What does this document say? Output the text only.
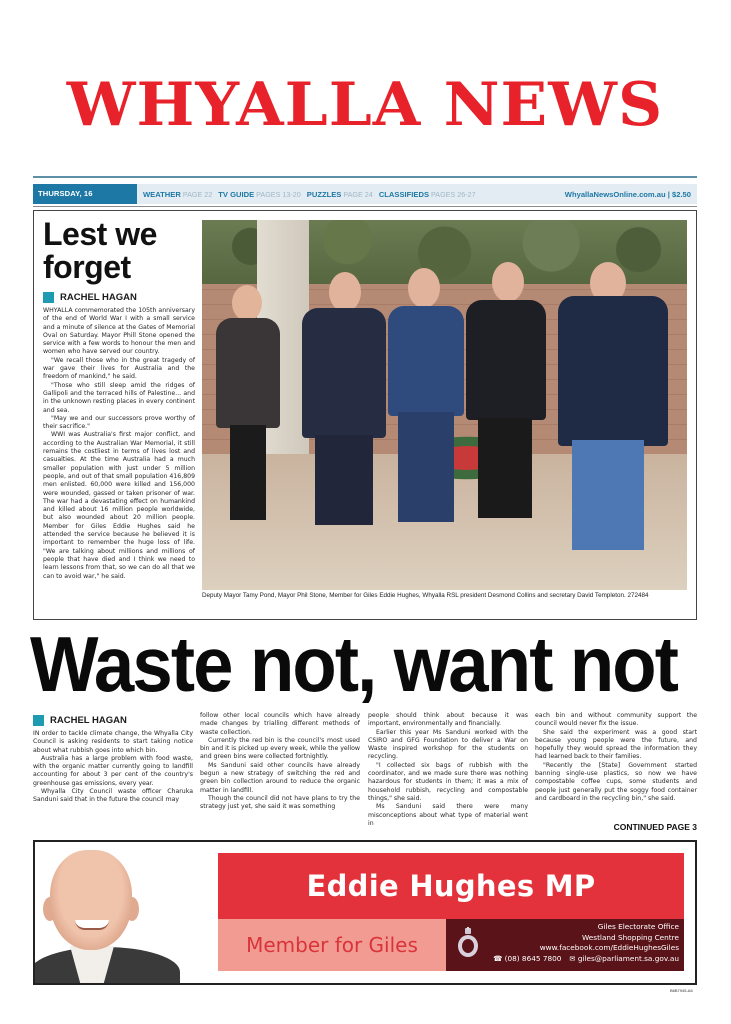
WHYALLA NEWS
THURSDAY, 16 NOVEMBER, 2023
WEATHER PAGE 22 TV GUIDE PAGES 13-20 PUZZLES PAGE 24 CLASSIFIEDS PAGES 26-27	WhyallaNewsOnline.com.au | $2.50
Lest we
forget
RACHEL HAGAN

WHYALLA commemorated the 105th anniversary of the end of World War I with a small service and a minute of silence at the Gates of Memorial Oval on Saturday. Mayor Phill Stone opened the service with a few words to honour the men and women who have served our country.

"We recall those who in the great tragedy of war gave their lives for Australia and the freedom of mankind," he said.

"Those who still sleep amid the ridges of Gallipoli and the terraced hills of Palestine... and in the unknown resting places in every continent and sea.

"May we and our successors prove worthy of their sacrifice."

WWI was Australia's first major conflict, and according to the Australian War Memorial, it still remains the costliest in terms of lives lost and casualties. At the time Australia had a much smaller population with just under 5 million people, and out of that small population 416,809 men enlisted. 60,000 were killed and 156,000 were wounded, gassed or taken prisoner of war. The war had a devastating effect on humankind and killed about 16 million people worldwide, but also wounded about 20 million people. Member for Giles Eddie Hughes said he attended the service because he believed it is important to remember the huge loss of life. "We are talking about millions and millions of people that have died and I think we need to learn lessons from that, so we can do all that we can to avoid war," he said.

Deputy Mayor Tamy Pond, Mayor Phil Stone, Member for Giles Eddie Hughes, Whyalla RSL president Desmond Collins and secretary David Templeton. 272484
Waste not, want not
RACHEL HAGAN

IN order to tackle climate change, the Whyalla City Council is asking residents to start taking notice about what rubbish goes into which bin.

Australia has a large problem with food waste, with the organic matter currently going to landfill accounting for about 3 per cent of the country's greenhouse gas emissions, every year.

Whyalla City Council waste officer Charuka Sanduni said that in the future the council may

follow other local councils which have already made changes by trialling different methods of waste collection.

Currently the red bin is the council's most used bin and it is picked up every week, while the yellow and green bins were collected fortnightly.

Ms Sanduni said other councils have already begun a new strategy of switching the red and green bin collection around to reduce the organic matter in landfill.

Though the council did not have plans to try the strategy just yet, she said it was something

people should think about because it was important, environmentally and financially.

Earlier this year Ms Sanduni worked with the CSIRO and GFG Foundation to deliver a War on Waste inspired workshop for the students on recycling.

"I collected six bags of rubbish with the coordinator, and we made sure there was nothing hazardous for students in them; it was a mix of household rubbish, recycling and compostable things," she said.

Ms Sanduni said there were many misconceptions about what type of material went in

each bin and without community support the council would never fix the issue.

She said the experiment was a good start because young people were the future, and hopefully they would spread the information they had learned back to their families.

"Recently the [State] Government started banning single-use plastics, so now we have compostable coffee cups, some students and people just generally put the soggy food container and cardboard in the recycling bin," she said.

CONTINUED PAGE 3
Eddie Hughes MP
Member for Giles
Giles Electorate Office
Westland Shopping Centre
www.facebook.com/EddieHughesGiles
☎ (08) 8645 7800 ✉ giles@parliament.sa.gov.au
B6B7945-A6
